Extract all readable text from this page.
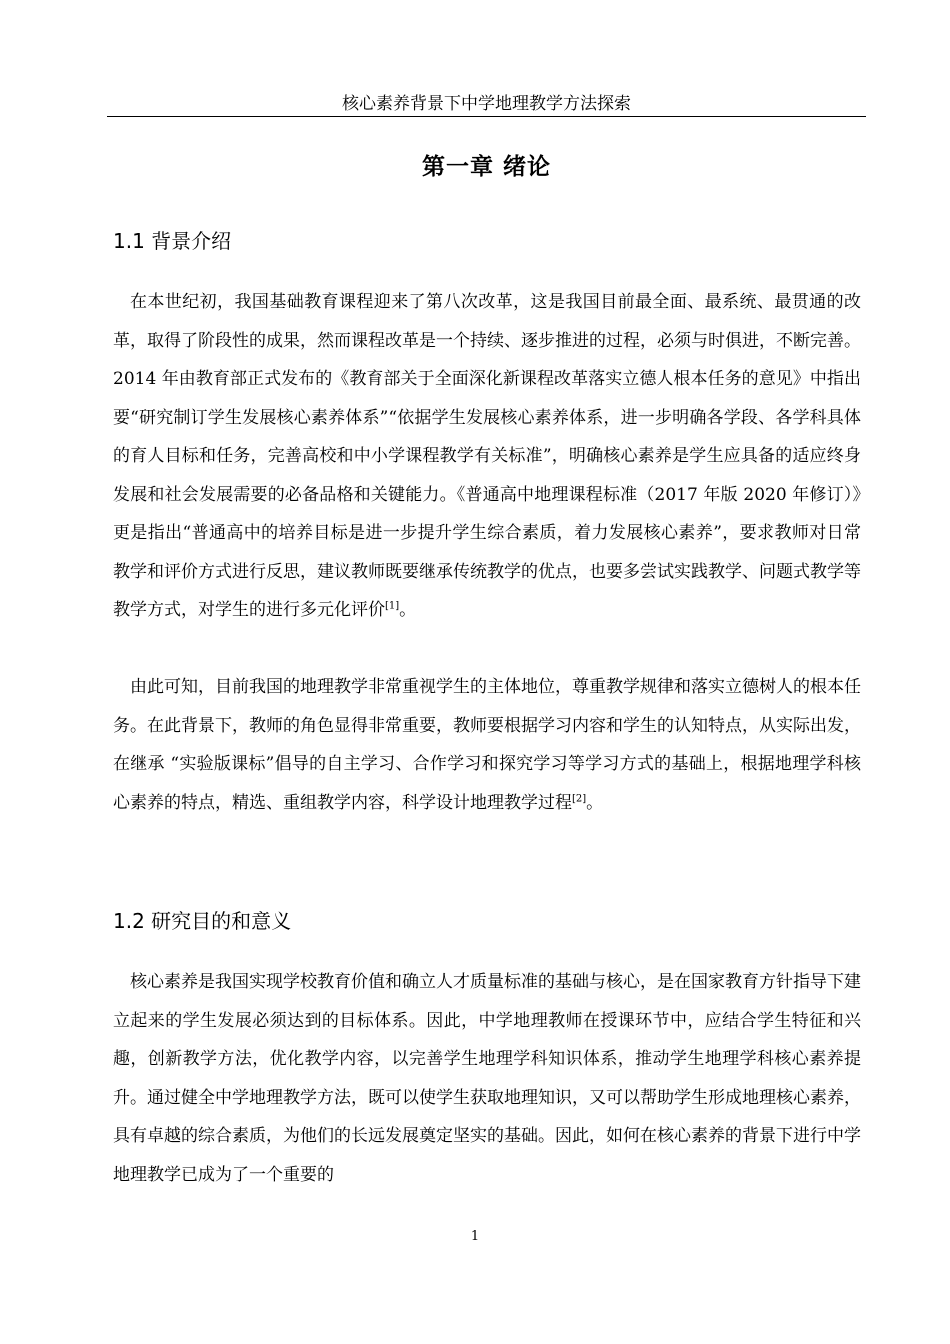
核心素养背景下中学地理教学方法探索
第一章 绪论
1.1 背景介绍
在本世纪初，我国基础教育课程迎来了第八次改革，这是我国目前最全面、最系统、最贯通的改革，取得了阶段性的成果，然而课程改革是一个持续、逐步推进的过程，必须与时俱进，不断完善。2014 年由教育部正式发布的《教育部关于全面深化新课程改革落实立德人根本任务的意见》中指出要“研究制订学生发展核心素养体系”“依据学生发展核心素养体系，进一步明确各学段、各学科具体的育人目标和任务，完善高校和中小学课程教学有关标准”，明确核心素养是学生应具备的适应终身发展和社会发展需要的必备品格和关键能力。《普通高中地理课程标准（2017 年版 2020 年修订）》更是指出“普通高中的培养目标是进一步提升学生综合素质，着力发展核心素养”，要求教师对日常教学和评价方式进行反思，建议教师既要继承传统教学的优点，也要多尝试实践教学、问题式教学等教学方式，对学生的进行多元化评价[1]。
由此可知，目前我国的地理教学非常重视学生的主体地位，尊重教学规律和落实立德树人的根本任务。在此背景下，教师的角色显得非常重要，教师要根据学习内容和学生的认知特点，从实际出发，在继承 “实验版课标”倡导的自主学习、合作学习和探究学习等学习方式的基础上，根据地理学科核心素养的特点，精选、重组教学内容，科学设计地理教学过程[2]。
1.2 研究目的和意义
核心素养是我国实现学校教育价值和确立人才质量标准的基础与核心，是在国家教育方针指导下建立起来的学生发展必须达到的目标体系。因此，中学地理教师在授课环节中，应结合学生特征和兴趣，创新教学方法，优化教学内容，以完善学生地理学科知识体系，推动学生地理学科核心素养提升。通过健全中学地理教学方法，既可以使学生获取地理知识，又可以帮助学生形成地理核心素养，具有卓越的综合素质，为他们的长远发展奠定坚实的基础。因此，如何在核心素养的背景下进行中学地理教学已成为了一个重要的
1
